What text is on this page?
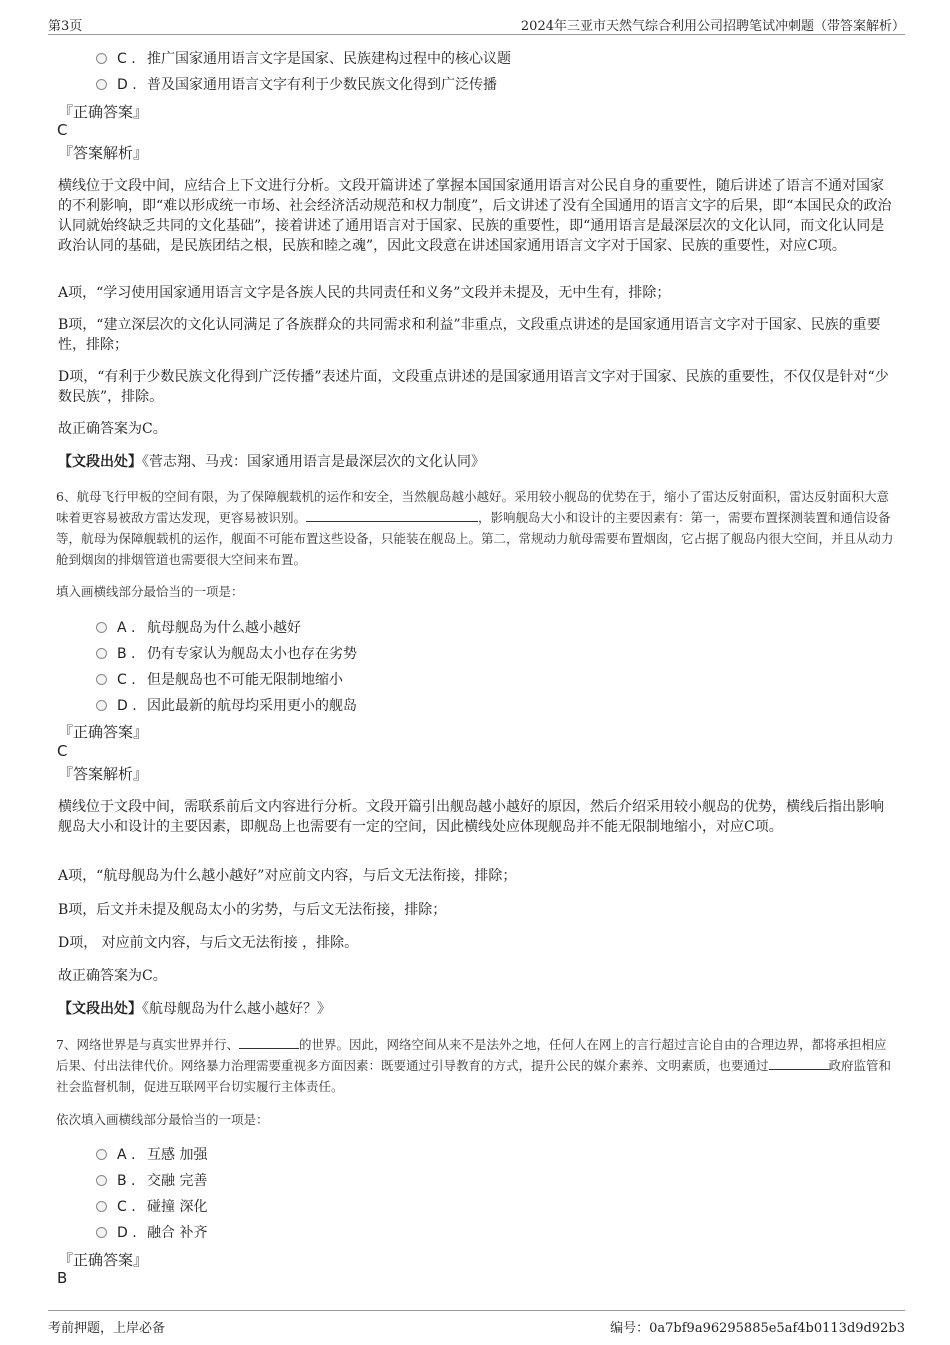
第3页	2024年三亚市天然气综合利用公司招聘笔试冲刺题（带答案解析）
C . 推广国家通用语言文字是国家、民族建构过程中的核心议题
D . 普及国家通用语言文字有利于少数民族文化得到广泛传播
『正确答案』
C
『答案解析』
横线位于文段中间，应结合上下文进行分析。文段开篇讲述了掌握本国国家通用语言对公民自身的重要性，随后讲述了语言不通对国家的不利影响，即“难以形成统一市场、社会经济活动规范和权力制度”，后文讲述了没有全国通用的语言文字的后果，即“本国民众的政治认同就始终缺乏共同的文化基础”，接着讲述了通用语言对于国家、民族的重要性，即“通用语言是最深层次的文化认同，而文化认同是政治认同的基础，是民族团结之根，民族和睦之魂”，因此文段意在讲述国家通用语言文字对于国家、民族的重要性，对应C项。
A项，“学习使用国家通用语言文字是各族人民的共同责任和义务”文段并未提及，无中生有，排除；
B项，“建立深层次的文化认同满足了各族群众的共同需求和利益”非重点，文段重点讲述的是国家通用语言文字对于国家、民族的重要性，排除；
D项，“有利于少数民族文化得到广泛传播”表述片面，文段重点讲述的是国家通用语言文字对于国家、民族的重要性，不仅仅是针对“少数民族”，排除。
故正确答案为C。
【文段出处】《菅志翔、马戎：国家通用语言是最深层次的文化认同》
6、航母飞行甲板的空间有限，为了保障舰载机的运作和安全，当然舰岛越小越好。采用较小舰岛的优势在于，缩小了雷达反射面积，雷达反射面积大意味着更容易被敌方雷达发现，更容易被识别。	，影响舰岛大小和设计的主要因素有：第一，需要布置探测装置和通信设备等，航母为保障舰载机的运作，舰面不可能布置这些设备，只能装在舰岛上。第二，常规动力航母需要布置烟囱，它占据了舰岛内很大空间，并且从动力舱到烟囱的排烟管道也需要很大空间来布置。
填入画横线部分最恰当的一项是：
A . 航母舰岛为什么越小越好
B . 仍有专家认为舰岛太小也存在劣势
C . 但是舰岛也不可能无限制地缩小
D . 因此最新的航母均采用更小的舰岛
『正确答案』
C
『答案解析』
横线位于文段中间，需联系前后文内容进行分析。文段开篇引出舰岛越小越好的原因，然后介绍采用较小舰岛的优势，横线后指出影响舰岛大小和设计的主要因素，即舰岛上也需要有一定的空间，因此横线处应体现舰岛并不能无限制地缩小，对应C项。
A项，“航母舰岛为什么越小越好”对应前文内容，与后文无法衔接，排除；
B项，后文并未提及舰岛太小的劣势，与后文无法衔接，排除；
D项， 对应前文内容，与后文无法衔接 ，排除。
故正确答案为C。
【文段出处】《航母舰岛为什么越小越好？》
7、网络世界是与真实世界并行、	的世界。因此，网络空间从来不是法外之地，任何人在网上的言行超过言论自由的合理边界，都将承担相应后果、付出法律代价。网络暴力治理需要重视多方面因素：既要通过引导教育的方式，提升公民的媒介素养、文明素质，也要通过	政府监管和社会监督机制，促进互联网平台切实履行主体责任。
依次填入画横线部分最恰当的一项是：
A . 互感 加强
B . 交融 完善
C . 碰撞 深化
D . 融合 补齐
『正确答案』
B
考前押题，上岸必备	编号：0a7bf9a96295885e5af4b0113d9d92b3
